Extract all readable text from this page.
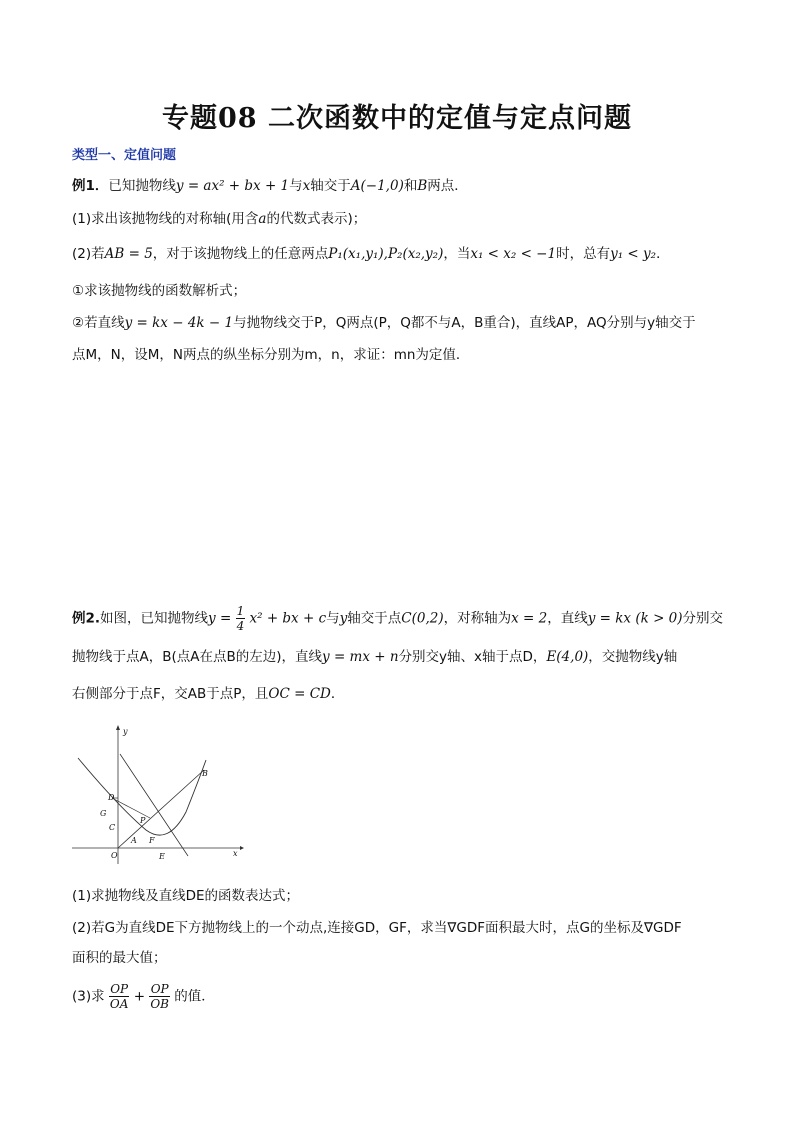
专题08 二次函数中的定值与定点问题
类型一、定值问题
例1．已知抛物线y = ax² + bx + 1与x轴交于A(−1,0)和B两点．
(1)求出该抛物线的对称轴(用含a的代数式表示)；
(2)若AB = 5，对于该抛物线上的任意两点P₁(x₁,y₁),P₂(x₂,y₂)，当x₁ < x₂ < −1时，总有y₁ < y₂．
①求该抛物线的函数解析式；
②若直线y = kx − 4k − 1与抛物线交于P，Q两点(P，Q都不与A，B重合)，直线AP，AQ分别与y轴交于
点M，N，设M，N两点的纵坐标分别为m，n，求证：mn为定值．
例2.如图，已知抛物线$y = \frac{1}{4} x^2$ + bx + c与y轴交于点C(0,2)，对称轴为x = 2，直线y = kx (k > 0)分别交
抛物线于点A，B(点A在点B的左边)，直线y = mx + n分别交y轴、x轴于点D，E(4,0)，交抛物线y轴
右侧部分于点F，交AB于点P，且OC = CD．
y
x
O
A
B
C
D
G
P
F
E
(1)求抛物线及直线DE的函数表达式；
(2)若G为直线DE下方抛物线上的一个动点,连接GD，GF，求当∇GDF面积最大时，点G的坐标及∇GDF
面积的最大值；
(3)求 $\frac{OP}{OA} + \frac{OP}{OB}$ 的值．
